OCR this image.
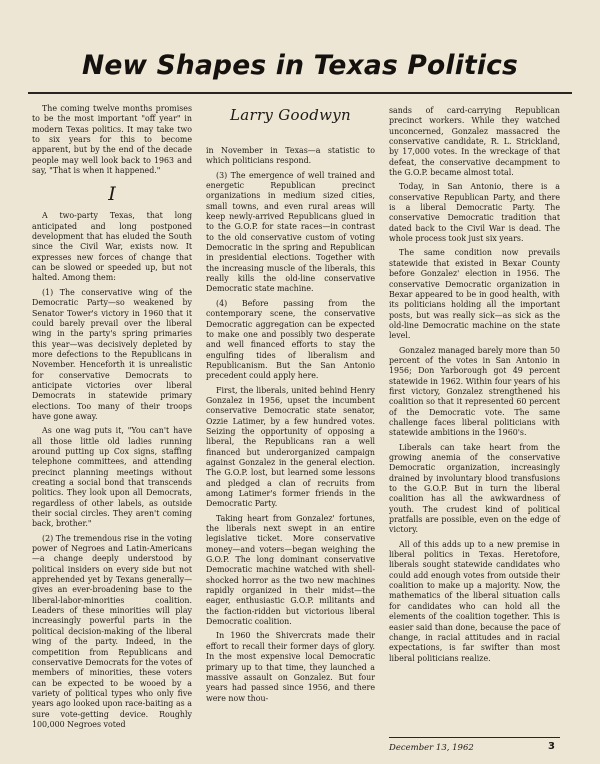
New Shapes in Texas Politics

The coming twelve months promises to be the most important "off year" in modern Texas politics. It may take two to six years for this to become apparent, but by the end of the decade people may well look back to 1963 and say, "That is when it happened."

I

A two-party Texas, that long anticipated and long postponed development that has eluded the South since the Civil War, exists now. It expresses new forces of change that can be slowed or speeded up, but not halted. Among them:

(1) The conservative wing of the Democratic Party—so weakened by Senator Tower's victory in 1960 that it could barely prevail over the liberal wing in the party's spring primaries this year—was decisively depleted by more defections to the Republicans in November. Henceforth it is unrealistic for conservative Democrats to anticipate victories over liberal Democrats in statewide primary elections. Too many of their troops have gone away.

As one wag puts it, "You can't have all those little old ladies running around putting up Cox signs, staffing telephone committees, and attending precinct planning meetings without creating a social bond that transcends politics. They look upon all Democrats, regardless of other labels, as outside their social circles. They aren't coming back, brother."

(2) The tremendous rise in the voting power of Negroes and Latin-Americans—a change deeply understood by political insiders on every side but not apprehended yet by Texans generally—gives an ever-broadening base to the liberal-labor-minorities coalition. Leaders of these minorities will play increasingly powerful parts in the political decision-making of the liberal wing of the party. Indeed, in the competition from Republicans and conservative Democrats for the votes of members of minorities, these voters can be expected to be wooed by a variety of political types who only five years ago looked upon race-baiting as a sure vote-getting device. Roughly 100,000 Negroes voted

Larry Goodwyn

in November in Texas—a statistic to which politicians respond.

(3) The emergence of well trained and energetic Republican precinct organizations in medium sized cities, small towns, and even rural areas will keep newly-arrived Republicans glued in to the G.O.P. for state races—in contrast to the old conservative custom of voting Democratic in the spring and Republican in presidential elections. Together with the increasing muscle of the liberals, this really kills the old-line conservative Democratic state machine.

(4) Before passing from the contemporary scene, the conservative Democratic aggregation can be expected to make one and possibly two desperate and well financed efforts to stay the engulfing tides of liberalism and Republicanism. But the San Antonio precedent could apply here.

First, the liberals, united behind Henry Gonzalez in 1956, upset the incumbent conservative Democratic state senator, Ozzie Latimer, by a few hundred votes. Seizing the opportunity of opposing a liberal, the Republicans ran a well financed but underorganized campaign against Gonzalez in the general election. The G.O.P. lost, but learned some lessons and pledged a clan of recruits from among Latimer's former friends in the Democratic Party.

Taking heart from Gonzalez' fortunes, the liberals next swept in an entire legislative ticket. More conservative money—and voters—began weighing the G.O.P. The long dominant conservative Democratic machine watched with shell-shocked horror as the two new machines rapidly organized in their midst—the eager, enthusiastic G.O.P. militants and the faction-ridden but victorious liberal Democratic coalition.

In 1960 the Shivercrats made their effort to recall their former days of glory. In the most expensive local Democratic primary up to that time, they launched a massive assault on Gonzalez. But four years had passed since 1956, and there were now thou-

sands of card-carrying Republican precinct workers. While they watched unconcerned, Gonzalez massacred the conservative candidate, R. L. Strickland, by 17,000 votes. In the wreckage of that defeat, the conservative decampment to the G.O.P. became almost total.

Today, in San Antonio, there is a conservative Republican Party, and there is a liberal Democratic Party. The conservative Democratic tradition that dated back to the Civil War is dead. The whole process took just six years.

The same condition now prevails statewide that existed in Bexar County before Gonzalez' election in 1956. The conservative Democratic organization in Bexar appeared to be in good health, with its politicians holding all the important posts, but was really sick—as sick as the old-line Democratic machine on the state level.

Gonzalez managed barely more than 50 percent of the votes in San Antonio in 1956; Don Yarborough got 49 percent statewide in 1962. Within four years of his first victory, Gonzalez strengthened his coalition so that it represented 60 percent of the Democratic vote. The same challenge faces liberal politicians with statewide ambitions in the 1960's.

Liberals can take heart from the growing anemia of the conservative Democratic organization, increasingly drained by involuntary blood transfusions to the G.O.P. But in turn the liberal coalition has all the awkwardness of youth. The crudest kind of political pratfalls are possible, even on the edge of victory.

All of this adds up to a new premise in liberal politics in Texas. Heretofore, liberals sought statewide candidates who could add enough votes from outside their coalition to make up a majority. Now, the mathematics of the liberal situation calls for candidates who can hold all the elements of the coalition together. This is easier said than done, because the pace of change, in racial attitudes and in racial expectations, is far swifter than most liberal politicians realize.

December 13, 1962	3
